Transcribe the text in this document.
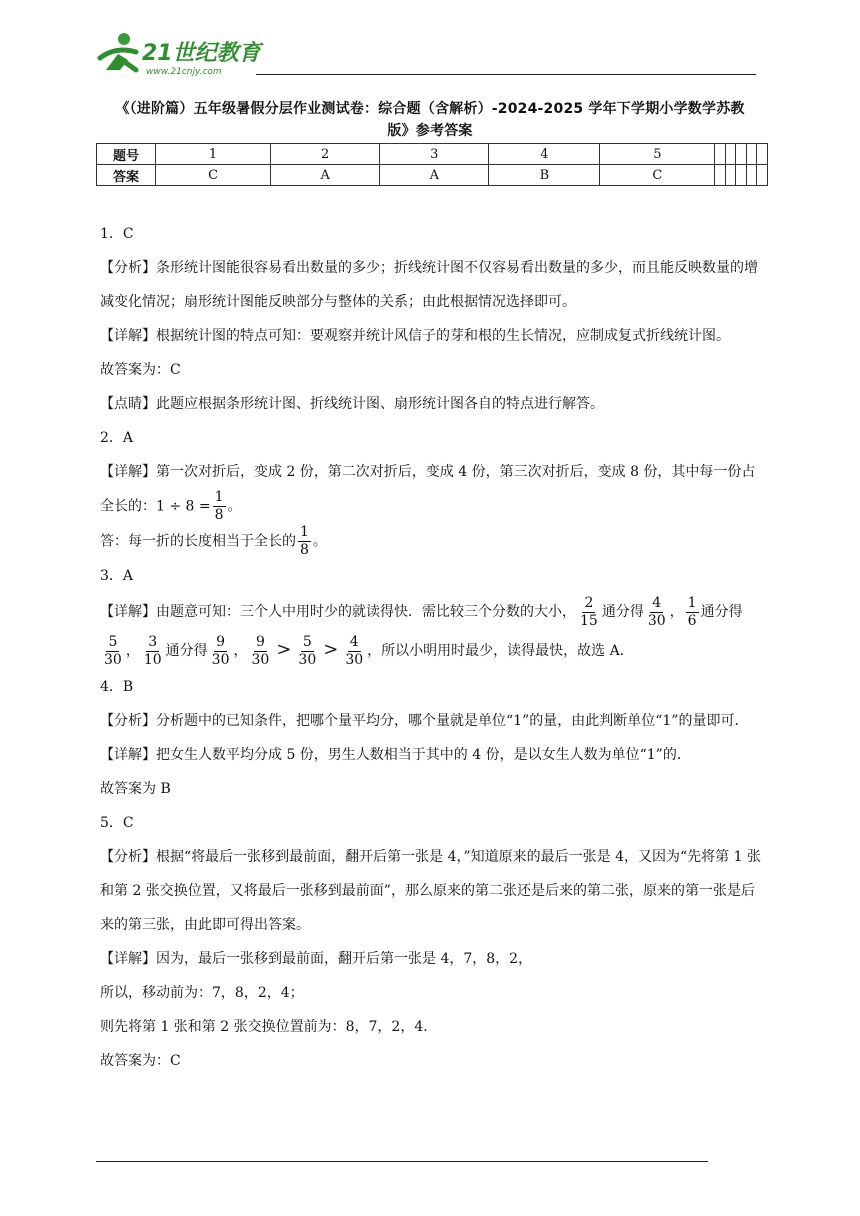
21世纪教育
www.21cnjy.com
《（进阶篇）五年级暑假分层作业测试卷：综合题（含解析）-2024-2025 学年下学期小学数学苏教
版》参考答案
题号	1	2	3	4	5					
答案	C	A	A	B	C					

1．C

【分析】条形统计图能很容易看出数量的多少；折线统计图不仅容易看出数量的多少，而且能反映数量的增减变化情况；扇形统计图能反映部分与整体的关系；由此根据情况选择即可。

【详解】根据统计图的特点可知：要观察并统计风信子的芽和根的生长情况，应制成复式折线统计图。

故答案为：C

【点睛】此题应根据条形统计图、折线统计图、扇形统计图各自的特点进行解答。

2．A

【详解】第一次对折后，变成 2 份，第二次对折后，变成 4 份，第三次对折后，变成 8 份，其中每一份占全长的：$1 \div 8 = \frac{1}{8}$ 。

答：每一折的长度相当于全长的 $\frac{1}{8}$ 。

3．A

【详解】由题意可知：三个人中用时少的就读得快．需比较三个分数的大小， $\frac{2}{15}$ 通分得 $\frac{4}{30}$ ， $\frac{1}{6}$ 通分得
$\frac{5}{30}$ ， $\frac{3}{10}$ 通分得 $\frac{9}{30}$ ， $\frac{9}{30} > \frac{5}{30} > \frac{4}{30}$ ，所以小明用时最少，读得最快，故选 A．

4．B

【分析】分析题中的已知条件，把哪个量平均分，哪个量就是单位“1”的量，由此判断单位“1”的量即可．

【详解】把女生人数平均分成 5 份，男生人数相当于其中的 4 份，是以女生人数为单位“1”的．

故答案为 B

5．C

【分析】根据“将最后一张移到最前面，翻开后第一张是 4，”知道原来的最后一张是 4，又因为“先将第 1 张和第 2 张交换位置，又将最后一张移到最前面”，那么原来的第二张还是后来的第二张，原来的第一张是后来的第三张，由此即可得出答案。

【详解】因为，最后一张移到最前面，翻开后第一张是 4，7，8，2，

所以，移动前为：7，8，2，4；

则先将第 1 张和第 2 张交换位置前为：8，7，2，4．

故答案为：C
